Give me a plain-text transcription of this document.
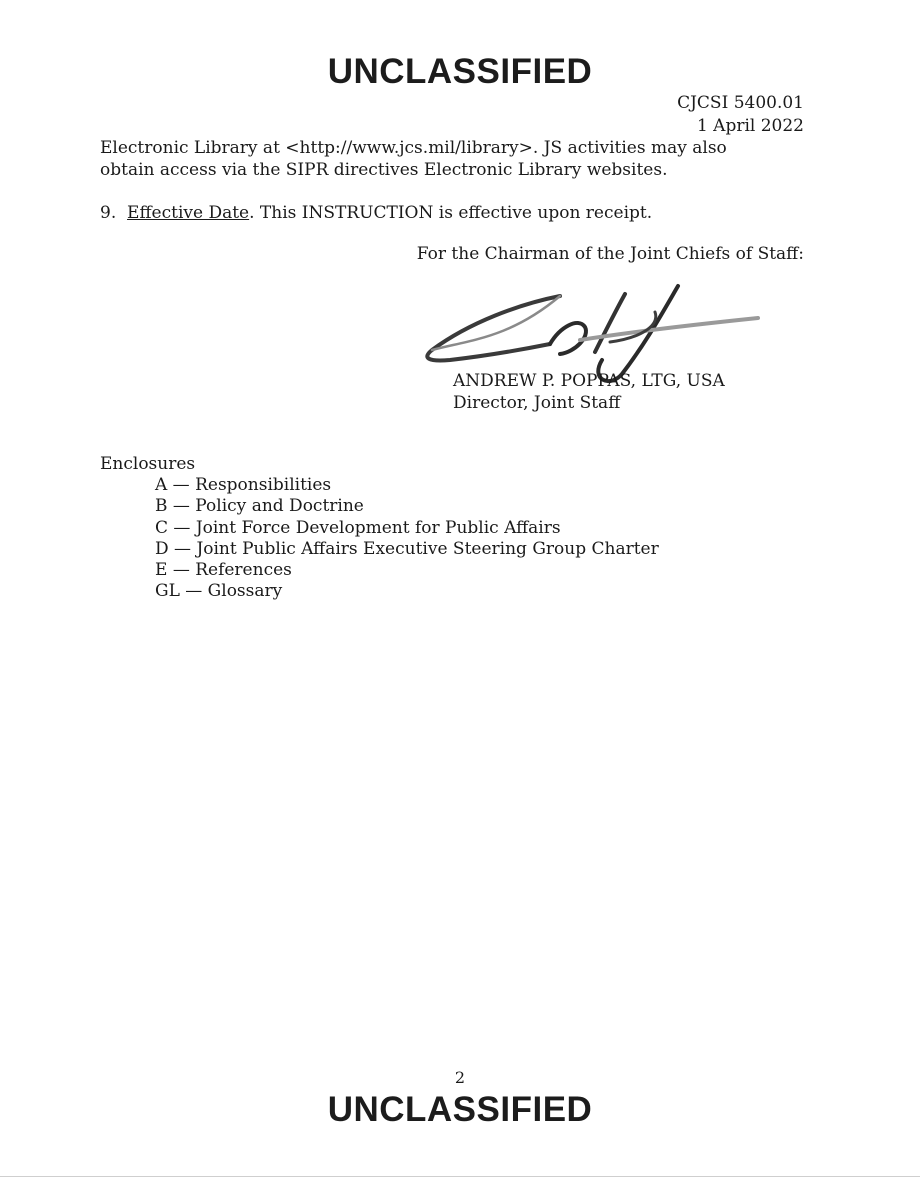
UNCLASSIFIED
CJCSI 5400.01
1 April 2022
Electronic Library at <http://www.jcs.mil/library>. JS activities may also
obtain access via the SIPR directives Electronic Library websites.
9. Effective Date. This INSTRUCTION is effective upon receipt.
For the Chairman of the Joint Chiefs of Staff:
ANDREW P. POPPAS, LTG, USA
Director, Joint Staff
Enclosures
A — Responsibilities
B — Policy and Doctrine
C — Joint Force Development for Public Affairs
D — Joint Public Affairs Executive Steering Group Charter
E — References
GL — Glossary
2
UNCLASSIFIED
